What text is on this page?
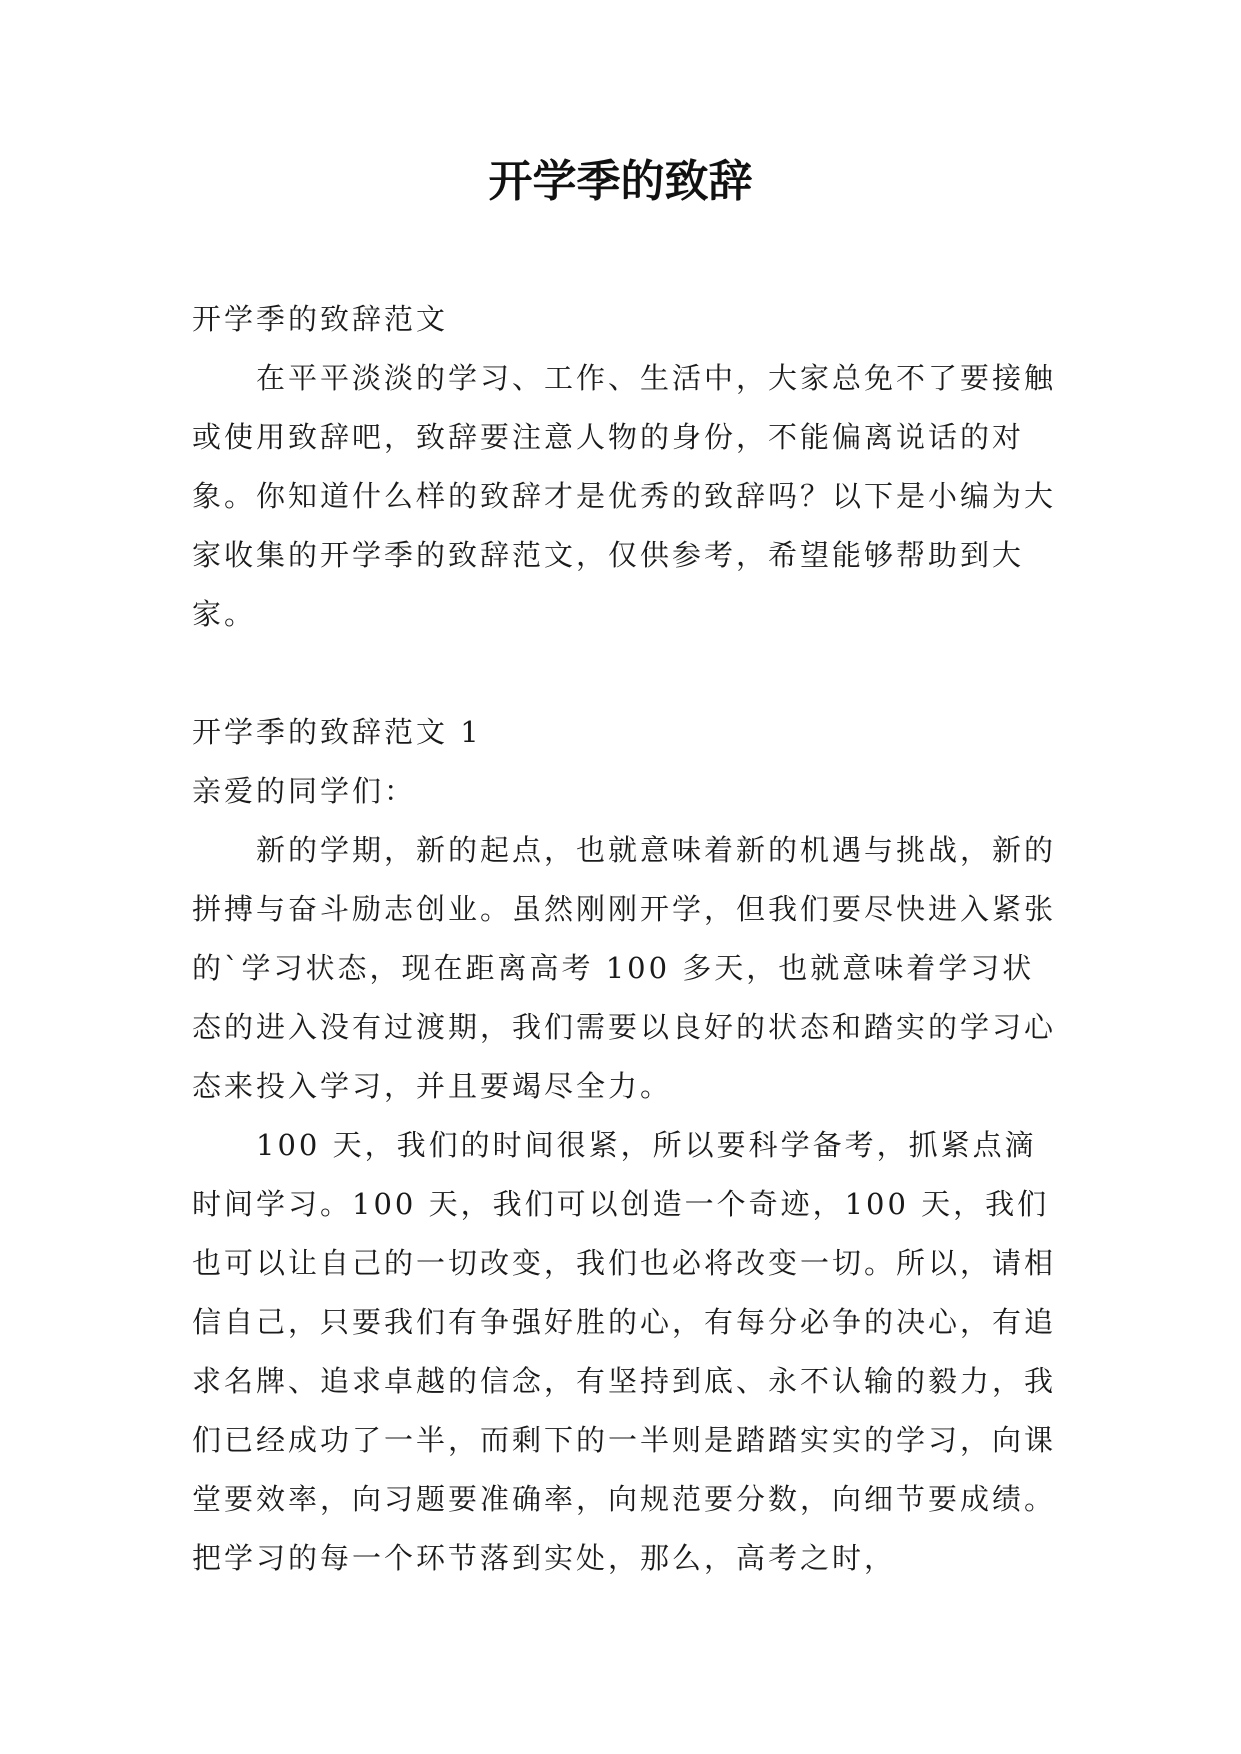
开学季的致辞

开学季的致辞范文

在平平淡淡的学习、工作、生活中，大家总免不了要接触或使用致辞吧，致辞要注意人物的身份，不能偏离说话的对象。你知道什么样的致辞才是优秀的致辞吗？以下是小编为大家收集的开学季的致辞范文，仅供参考，希望能够帮助到大家。

开学季的致辞范文 1

亲爱的同学们：

新的学期，新的起点，也就意味着新的机遇与挑战，新的拼搏与奋斗励志创业。虽然刚刚开学，但我们要尽快进入紧张的`学习状态，现在距离高考 100 多天，也就意味着学习状态的进入没有过渡期，我们需要以良好的状态和踏实的学习心态来投入学习，并且要竭尽全力。

100 天，我们的时间很紧，所以要科学备考，抓紧点滴时间学习。100 天，我们可以创造一个奇迹，100 天，我们也可以让自己的一切改变，我们也必将改变一切。所以，请相信自己，只要我们有争强好胜的心，有每分必争的决心，有追求名牌、追求卓越的信念，有坚持到底、永不认输的毅力，我们已经成功了一半，而剩下的一半则是踏踏实实的学习，向课堂要效率，向习题要准确率，向规范要分数，向细节要成绩。把学习的每一个环节落到实处，那么，高考之时，
